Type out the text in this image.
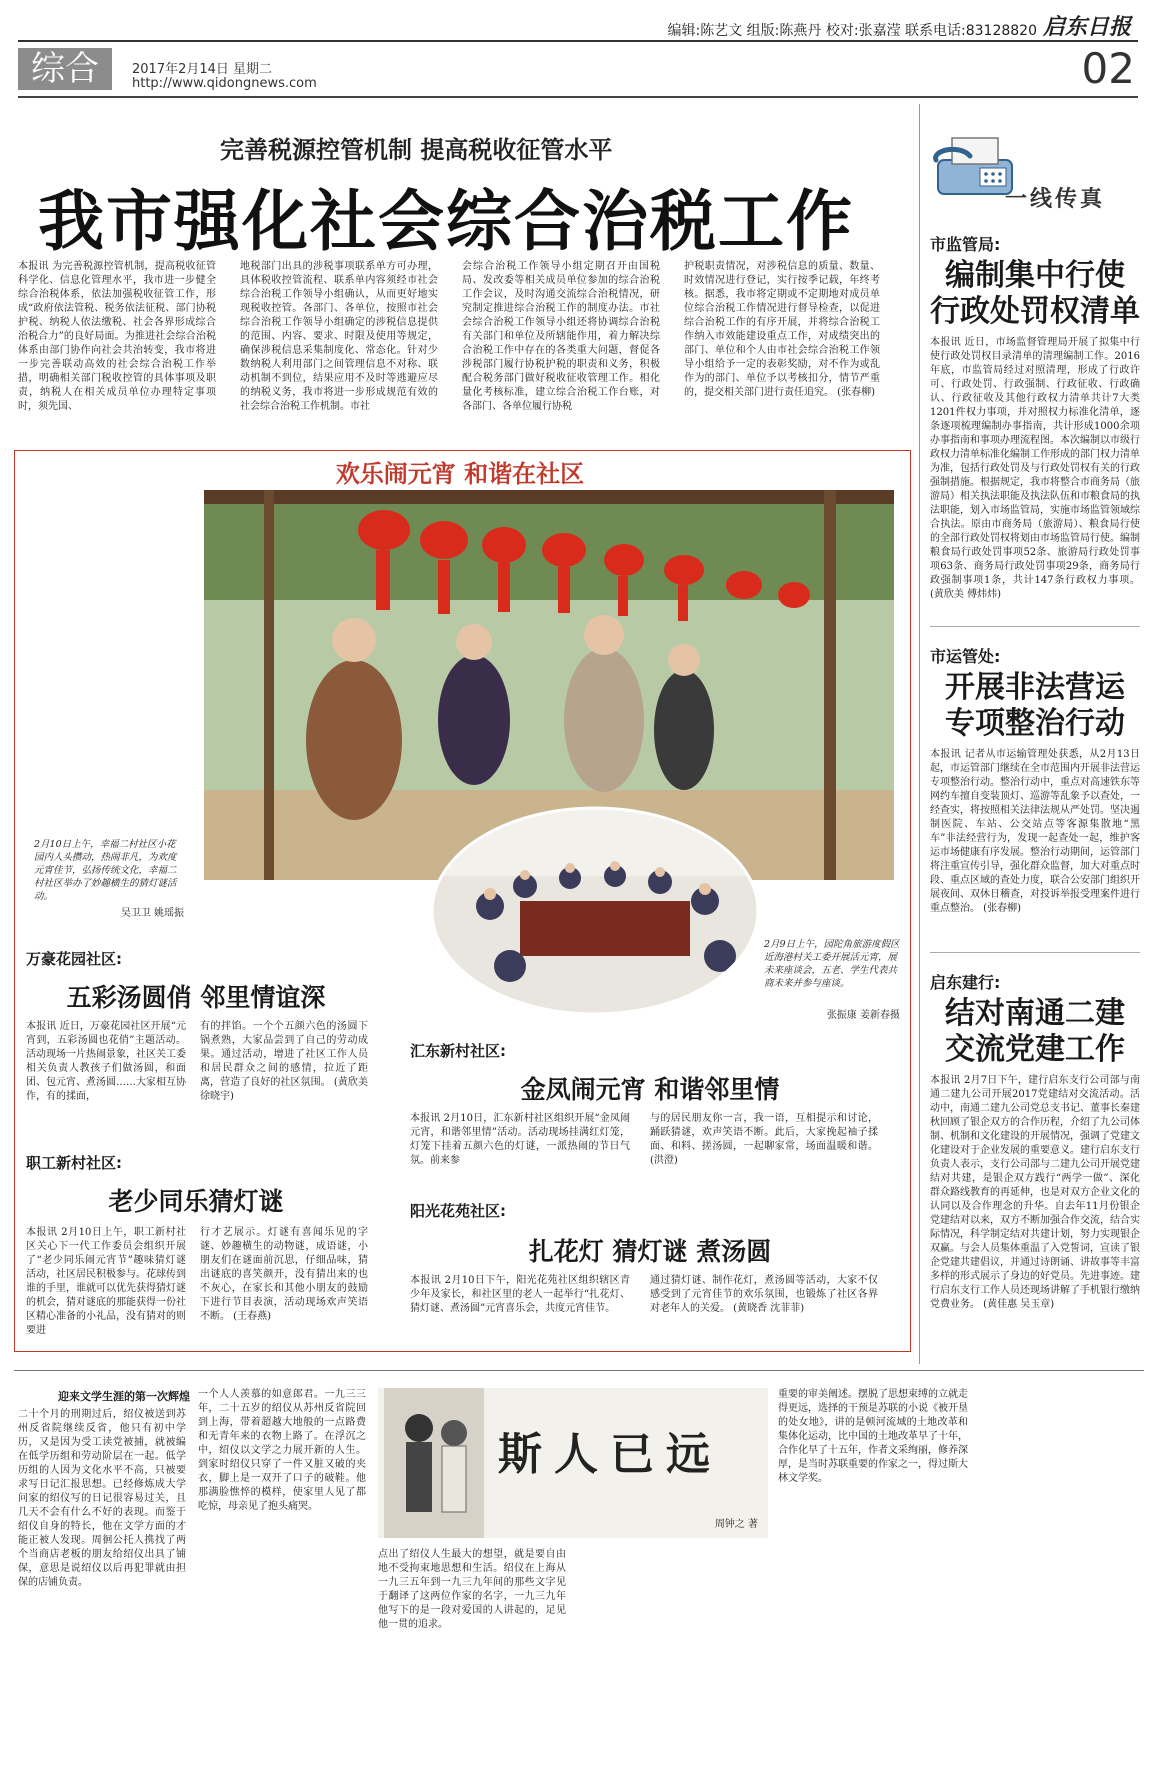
编辑:陈艺文 组版:陈燕丹 校对:张嘉滢 联系电话:83128820 启东日报
综合	2017年2月14日 星期二
http://www.qidongnews.com	02
完善税源控管机制 提高税收征管水平
我市强化社会综合治税工作
本报讯 为完善税源控管机制，提高税收征管科学化、信息化管理水平，我市进一步健全综合治税体系，依法加强税收征管工作，形成“政府依法管税、税务依法征税、部门协税护税、纳税人依法缴税、社会各界形成综合治税合力”的良好局面。为推进社会综合治税体系由部门协作向社会共治转变，我市将进一步完善联动高效的社会综合治税工作举措，明确相关部门税收控管的具体事项及职责，纳税人在相关成员单位办理特定事项时，须先国、
地税部门出具的涉税事项联系单方可办理，具体税收控管流程、联系单内容须经市社会综合治税工作领导小组确认，从而更好地实现税收控管。各部门、各单位，按照市社会综合治税工作领导小组确定的涉税信息提供的范围、内容、要求、时限及使用等规定，确保涉税信息采集制度化、常态化。针对少数纳税人利用部门之间管理信息不对称、联动机制不到位，结果应用不及时等逃避应尽的纳税义务，我市将进一步形成规范有效的社会综合治税工作机制。市社
会综合治税工作领导小组定期召开由国税局、发改委等相关成员单位参加的综合治税工作会议，及时沟通交流综合治税情况，研究制定推进综合治税工作的制度办法。市社会综合治税工作领导小组还将协调综合治税有关部门和单位及所辖能作用，着力解决综合治税工作中存在的各类重大问题，督促各涉税部门履行协税护税的职责和义务，积极配合税务部门做好税收征收管理工作。相化量化考核标准，建立综合治税工作台账，对各部门、各单位履行协税
护税职责情况，对涉税信息的质量、数量、时效情况进行登记，实行按季记载，年终考核。据悉，我市将定期或不定期地对成员单位综合治税工作情况进行督导检查，以促进综合治税工作的有序开展，并将综合治税工作纳入市效能建设重点工作，对成绩突出的部门、单位和个人由市社会综合治税工作领导小组给予一定的表彰奖励，对不作为或乱作为的部门、单位予以考核扣分，情节严重的，提交相关部门进行责任追究。 (张春柳)
一线传真
市监管局:
编制集中行使
行政处罚权清单
本报讯 近日，市场监督管理局开展了拟集中行使行政处罚权目录清单的清理编制工作。2016年底，市监管局经过对照清理，形成了行政许可、行政处罚、行政强制、行政征收、行政确认、行政征收及其他行政权力清单共计7大类1201件权力事项，并对照权力标准化清单，逐条逐项梳理编制办事指南，共计形成1000余项办事指南和事项办理流程图。本次编制以市级行政权力清单标准化编制工作形成的部门权力清单为准，包括行政处罚及与行政处罚权有关的行政强制措施。根据规定，我市将整合市商务局（旅游局）相关执法职能及执法队伍和市粮食局的执法职能，划入市场监管局，实施市场监管领域综合执法。原由市商务局（旅游局）、粮食局行使的全部行政处罚权将划由市场监管局行使。编制粮食局行政处罚事项52条、旅游局行政处罚事项63条、商务局行政处罚事项29条，商务局行政强制事项1条，共计147条行政权力事项。 (黄欣美 傅炜炜)
市运管处:
开展非法营运
专项整治行动
本报讯 记者从市运输管理处获悉，从2月13日起，市运管部门继续在全市范围内开展非法营运专项整治行动。整治行动中，重点对高速铁东等网约车擅自变装顶灯、巡游等乱象予以查处，一经查实，将按照相关法律法规从严处罚。坚决遏制医院、车站、公交站点等客源集散地“黑车”非法经营行为，发现一起查处一起，维护客运市场健康有序发展。整治行动期间，运管部门将注重宣传引导，强化群众监督，加大对重点时段、重点区域的查处力度，联合公安部门组织开展夜间、双休日稽查，对投诉举报受理案件进行重点整治。 (张春柳)
启东建行:
结对南通二建
交流党建工作
本报讯 2月7日下午，建行启东支行公司部与南通二建九公司开展2017党建结对交流活动。活动中，南通二建九公司党总支书记、董事长秦建秋回顾了银企双方的合作历程，介绍了九公司体制、机制和文化建设的开展情况，强调了党建文化建设对于企业发展的重要意义。建行启东支行负责人表示，支行公司部与二建九公司开展党建结对共建，是银企双方践行“两学一做”、深化群众路线教育的再延伸，也是对双方企业文化的认同以及合作理念的升华。自去年11月份银企党建结对以来，双方不断加强合作交流，结合实际情况，科学制定结对共建计划，努力实现银企双赢。与会人员集体重温了入党誓词，宣读了银企党建共建倡议，并通过诗朗诵、讲故事等丰富多样的形式展示了身边的好党员。先进事迹。建行启东支行工作人员还现场讲解了手机银行缴纳党费业务。 (黄佳惠 吴玉章)
欢乐闹元宵 和谐在社区
2月10日上午，幸福二村社区小花园内人头攒动，热闹非凡，为欢度元宵佳节，弘扬传统文化，幸福二村社区举办了妙趣横生的猜灯谜活动。
吴卫卫 姚瑶振
2月9日上午，园陀角旅游度假区近海港村关工委开展活元宵，展未来座谈会，五老、学生代表共商未来并参与座谈。
张振康 姜新春摄
万豪花园社区:
五彩汤圆俏 邻里情谊深
本报讯 近日，万豪花园社区开展“元宵到，五彩汤圆也花俏”主题活动。活动现场一片热闹景象，社区关工委相关负责人教孩子们做汤圆，和面团、包元宵、煮汤圆……大家相互协作，有的揉面，
有的拌馅。一个个五颜六色的汤圆下锅煮熟，大家品尝到了自己的劳动成果。通过活动，增进了社区工作人员和居民群众之间的感情，拉近了距离，营造了良好的社区氛围。 (黄欣美 徐晓宇)
职工新村社区:
老少同乐猜灯谜
本报讯 2月10日上午，职工新村社区关心下一代工作委员会组织开展了“老少同乐闹元宵节”趣味猜灯谜活动，社区居民积极参与。花球传到谁的手里，谁就可以优先获得猜灯谜的机会，猜对谜底的那能获得一份社区精心准备的小礼品，没有猜对的则要进
行才艺展示。灯谜有喜闻乐见的字谜、妙趣横生的动物谜，成语谜，小朋友们在谜面前沉思，仔细品味，猜出谜底的喜笑颜开，没有猜出来的也不灰心，在家长和其他小朋友的鼓励下进行节目表演，活动现场欢声笑语不断。 (王春燕)
汇东新村社区:
金凤闹元宵 和谐邻里情
本报讯 2月10日，汇东新村社区组织开展“金凤闹元宵，和谐邻里情”活动。活动现场挂满红灯笼，灯笼下挂着五颜六色的灯谜，一派热闹的节日气氛。前来参
与的居民朋友你一言，我一语，互相提示和讨论，踊跃猜谜，欢声笑语不断。此后，大家挽起袖子揉面、和料、搓汤圆，一起聊家常，场面温暖和谐。 (洪澄)
阳光花苑社区:
扎花灯 猜灯谜 煮汤圆
本报讯 2月10日下午，阳光花苑社区组织辖区青少年及家长，和社区里的老人一起举行“扎花灯、猜灯谜、煮汤圆”元宵喜乐会，共度元宵佳节。
通过猜灯谜、制作花灯，煮汤圆等活动，大家不仅感受到了元宵佳节的欢乐氛围，也锻炼了社区各界对老年人的关爱。 (黄晓香 沈菲菲)
迎来文学生涯的第一次辉煌
二十个月的刑期过后，绍仪被送到苏州反省院继续反省，他只有初中学历，又是因为受工读党被捕，就被编在低学历组和劳动阶层在一起。低学历组的人因为文化水平不高，只被要求写日记汇报思想。已经修炼成大学问家的绍仪写的日记很容易过关，且几天不会有什么不好的表现。而鉴于绍仪自身的特长，他在文学方面的才能正被人发现。周徊公托人携找了两个当商店老板的朋友给绍仪出具了铺保，意思是说绍仪以后再犯罪就由担保的店铺负责。
一个人人羡慕的如意郎君。一九三三年，二十五岁的绍仪从苏州反省院回到上海，带着超越大地般的一点路费和无青年来的衣物上路了。在浮沉之中，绍仪以文学之力展开新的人生。到家时绍仪只穿了一件又脏又破的夹衣，脚上是一双开了口子的破鞋。他那满脸憔悴的模样，使家里人见了都吃惊，母亲见了抱头痛哭。
斯人已远
周钟之 著
点出了绍仪人生最大的想望，就是要自由地不受拘束地思想和生活。绍仪在上海从一九三五年到一九三九年间的那些文字见于翻译了这两位作家的名字，一九三九年他写下的是一段对爱国的人讲起的，足见他一贯的追求。
重要的审美阐述。摆脱了思想束缚的立就走得更远，选择的干预是苏联的小说《被开垦的处女地》，讲的是顿河流域的土地改革和集体化运动，比中国的土地改革早了十年，合作化早了十五年，作者文采绚丽，修养深厚，是当时苏联重要的作家之一，得过斯大林文学奖。
